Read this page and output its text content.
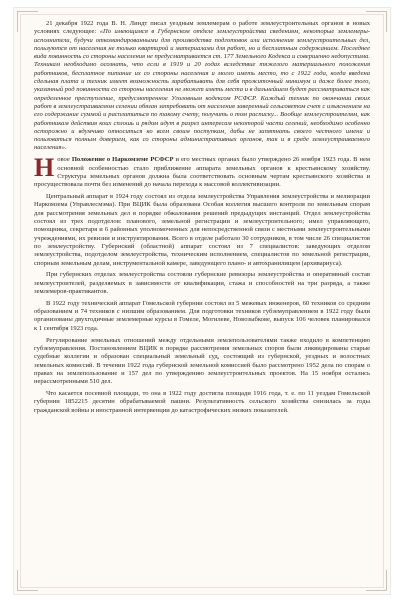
21 декабря 1922 года В. Н. Линдт писал уездным землемерам о работе землеустроительных органов в новых условиях следующее: «По имеющимся в Губернском отделе землеустройства сведениям, некоторые землемеры-исполнители, будучи откомандированными для производства подготовок или исполнения землеустроительных дел, пользуются от населения не только квартирой и материалами для работ, но и бесплатным содержанием. Последнее вида повинность со стороны населения не предусматривается ст. 177 Земельного Кодекса и совершенно недопустима. Техникам необходимо осознать, что если в 1919 и 20 годах вследствие тяжелого материального положения работников, бесплатное питание их со стороны населения и могло иметь место, то с 1922 года, когда введена сдельная плата и техник имеет возможность зарабатывать для себя прожиточный минимум и даже более того, указанный род повинности со стороны населения не может иметь места и в дальнейшем будет рассматриваться как определенное преступление, предусмотренное Уголовным кодексом РСФСР. Каждый техник по окончании своих работ в землеустраиваемом селении обязан затребовать от населения заверенный сельсоветом счет с изъяснением на его содержание суммой и расплатиться по такому счету, получить о том расписку... Вообще землеустроителям, как работникам действия коих сплошь и рядом идут в разрез интересам некоторой части селений, необходимо особенно осторожно и вдумчиво относиться ко всем своим поступкам, дабы не запятнать своего честного имени и пользоваться полным доверием, как со стороны административных органов, так и в среде землеустраиваемого населения».

Новое Положение о Наркомземе РСФСР и его местных органах было утверждено 26 ноября 1923 года. В нем основной особенностью стало приближение аппарата земельных органов к крестьянскому хозяйству. Структура земельных органов должна была соответствовать основным чертам крестьянского хозяйства и просуществовала почти без изменений до начала перехода к массовой коллективизации.

Центральный аппарат в 1924 году состоял из отдела землеустройства Управления землеустройства и мелиорации Наркомзема (Управлесмэма). При ВЦИК была образована Особая коллегия высшего контроля по земельным спорам для рассмотрения земельных дел в порядке обжалования решений предыдущих инстанций. Отдел землеустройства состоял из трех подотделов: планового, земельной регистрации и землеустроительного; имел управляющего, помощника, секретаря и 6 районных уполномоченных для непосредственной связи с местными землеустроительными учреждениями, их ревизии и инструктирования. Всего в отделе работало 30 сотрудников, в том числе 26 специалистов по землеустройству. Губернский (областной) аппарат состоял из 7 специалистов: заведующих отделом землеустройства, подотделом землеустройства, техническим исполнением, специалистов по земельной регистрации, спорным земельным делам, инструментальной камере, заведующего плано- и автохранилищем (архивариуса).

При губернских отделах землеустройства состояли губернские ревизоры землеустройства и оперативный состав землеустроителей, разделяемых в зависимости от квалификации, стажа и способностей на три разряда, а также землемеров-практикантов.

В 1922 году технический аппарат Гомельской губернии состоял из 5 межевых инженеров, 60 техников со средним образованием и 74 техников с низшим образованием. Для подготовки техников губземуправлением в 1922 году были организованы двухгодичные землемерные курсы в Гомеле, Могилеве, Новозыбкове, выпуск 106 человек планировался к 1 сентября 1923 года.

Регулирование земельных отношений между отдельными землепользователями также входило в компетенцию губземуправления. Постановлением ВЦИК в порядке рассмотрения земельных споров были ликвидированы старые судебные коллегии и образован специальный земельный суд, состоящий из губернской, уездных и волостных земельных комиссий. В течении 1922 года губернской земельной комиссией было рассмотрено 1952 дела по спорам о правах на землепользование и 157 дел по утверждению землеустроительных проектов. На 15 ноября остались нерассмотренными 510 дел.

Что касается посевной площади, то она в 1922 году достигла площади 1916 года, т. е. по 11 уездам Гомельской губернии 1852215 десятин обрабатываемой пашни. Результативность сельского хозяйства снизилась за годы гражданской войны и иностранной интервенции до катастрофических низких показателей.
